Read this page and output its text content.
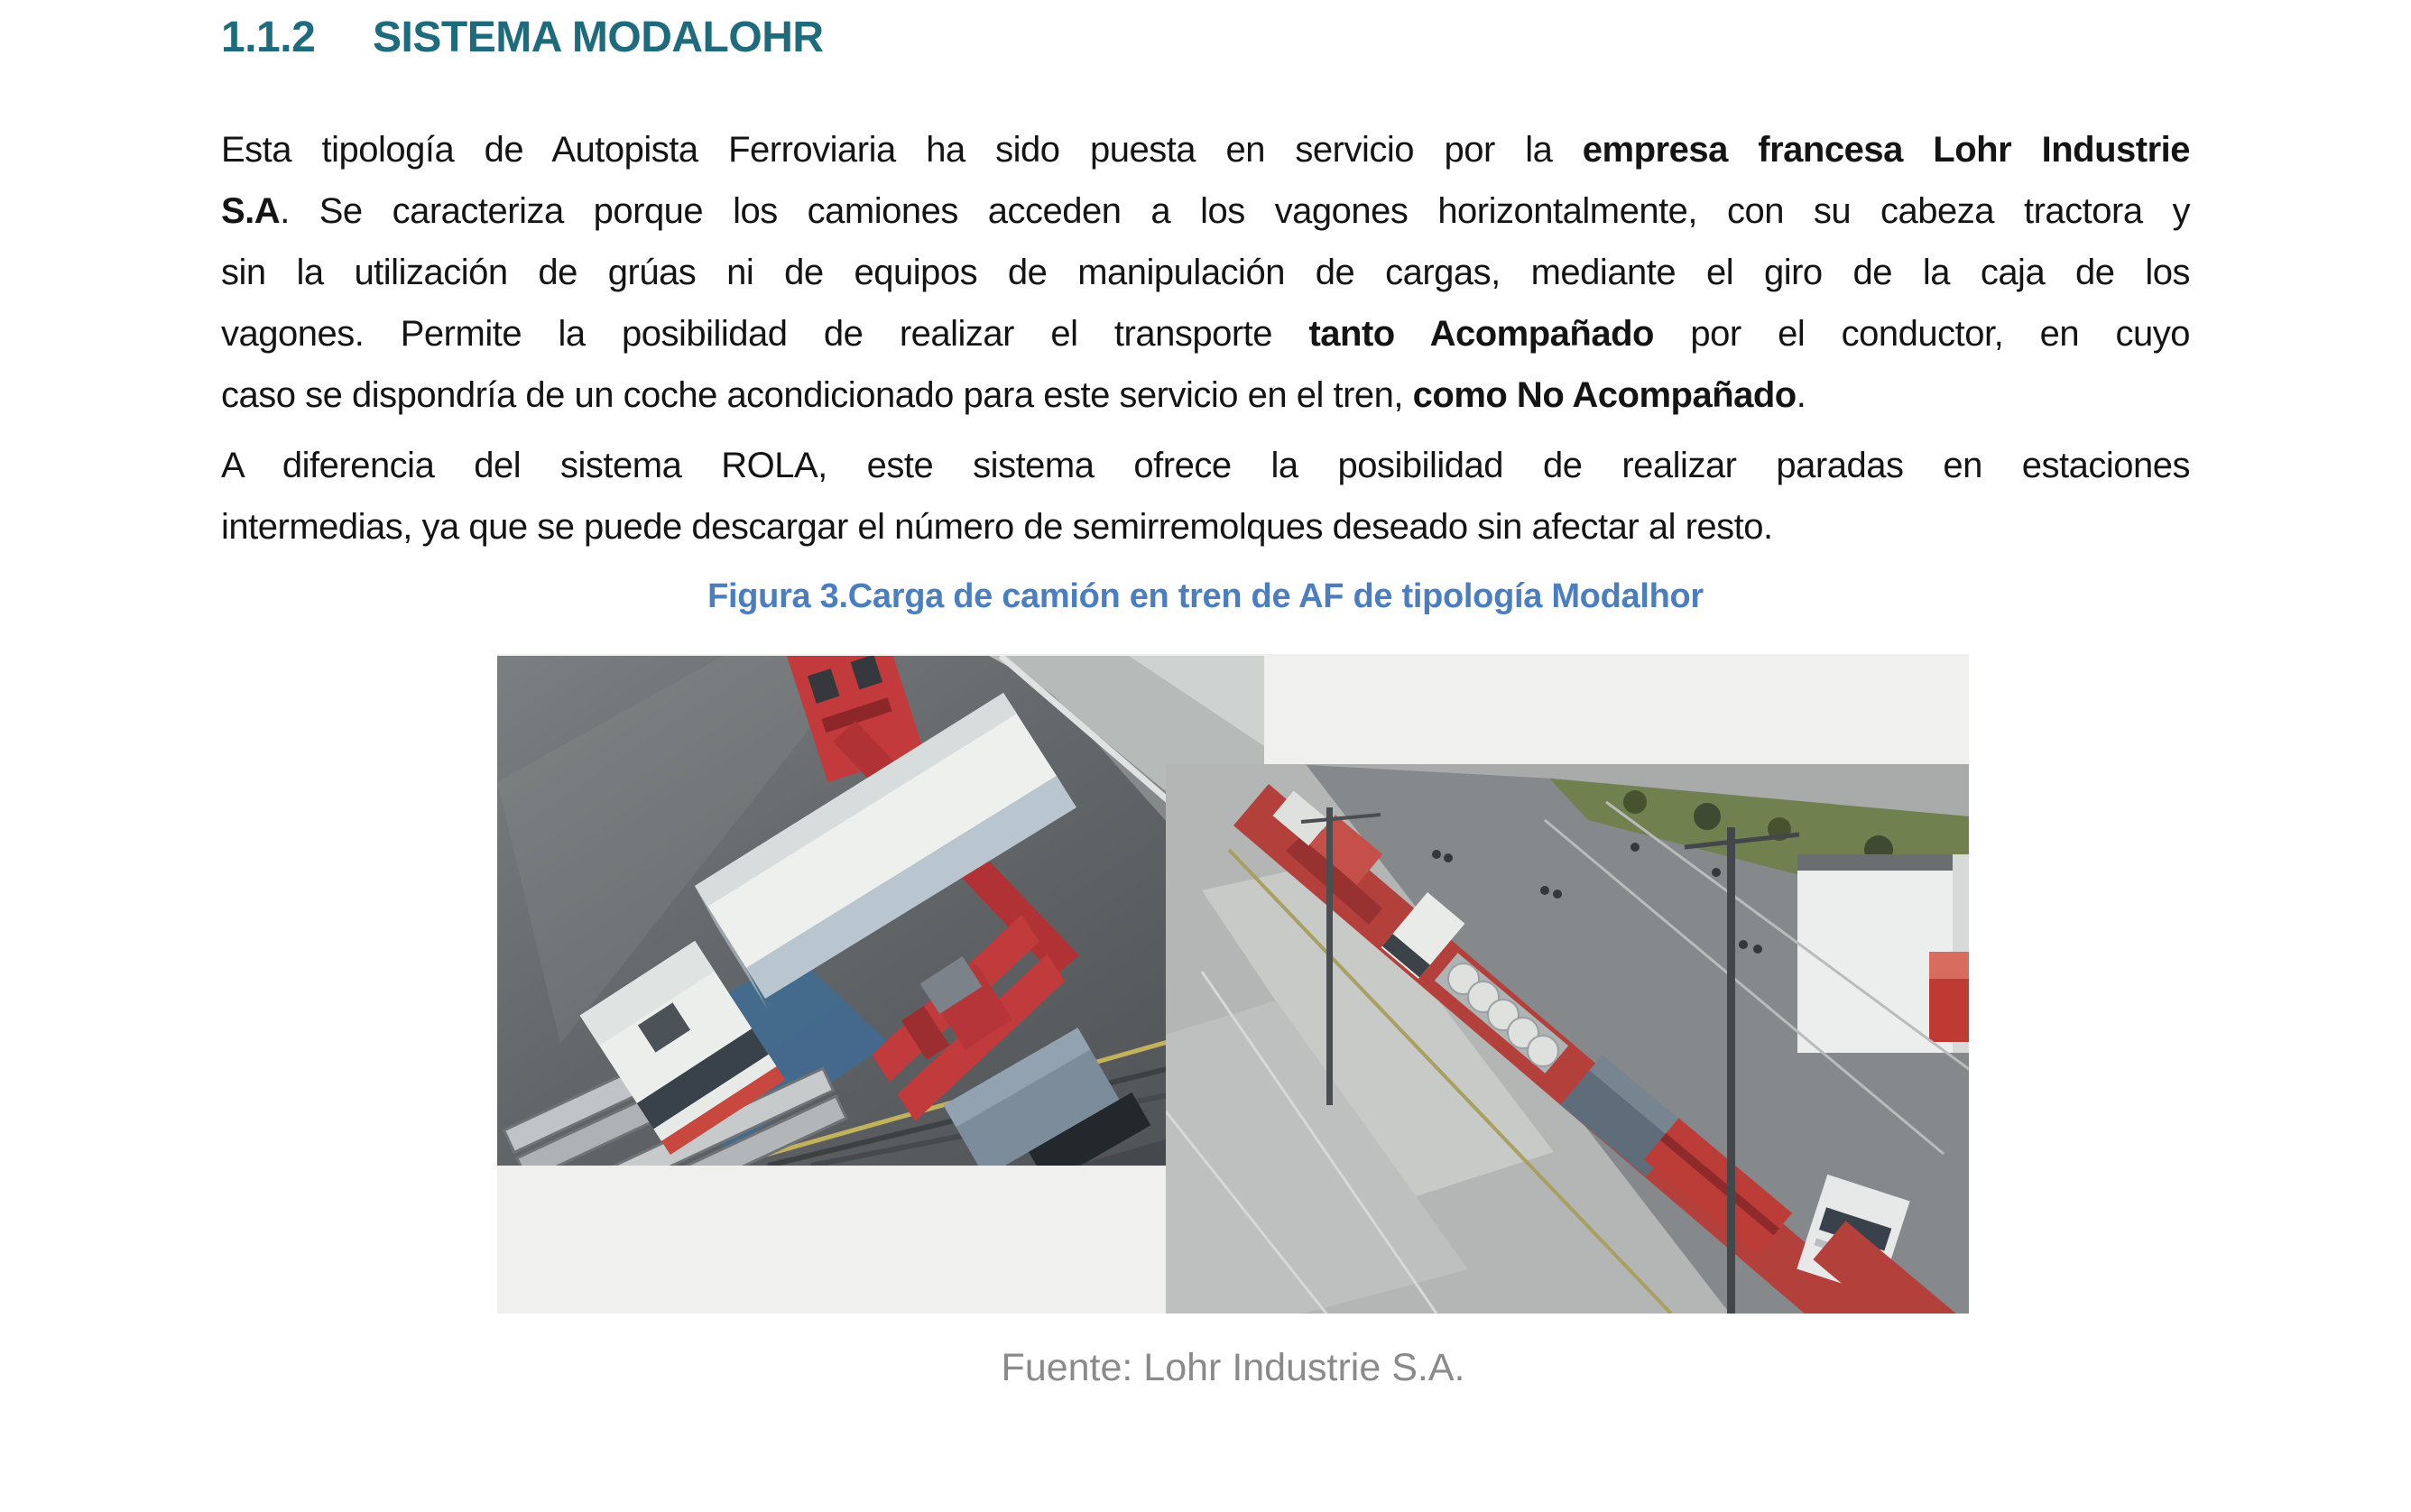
1.1.2 SISTEMA MODALOHR
Esta tipología de Autopista Ferroviaria ha sido puesta en servicio por la empresa francesa Lohr Industrie
S.A. Se caracteriza porque los camiones acceden a los vagones horizontalmente, con su cabeza tractora y
sin la utilización de grúas ni de equipos de manipulación de cargas, mediante el giro de la caja de los
vagones. Permite la posibilidad de realizar el transporte tanto Acompañado por el conductor, en cuyo
caso se dispondría de un coche acondicionado para este servicio en el tren, como No Acompañado.
A diferencia del sistema ROLA, este sistema ofrece la posibilidad de realizar paradas en estaciones
intermedias, ya que se puede descargar el número de semirremolques deseado sin afectar al resto.
Figura 3.Carga de camión en tren de AF de tipología Modalhor
Fuente: Lohr Industrie S.A.
